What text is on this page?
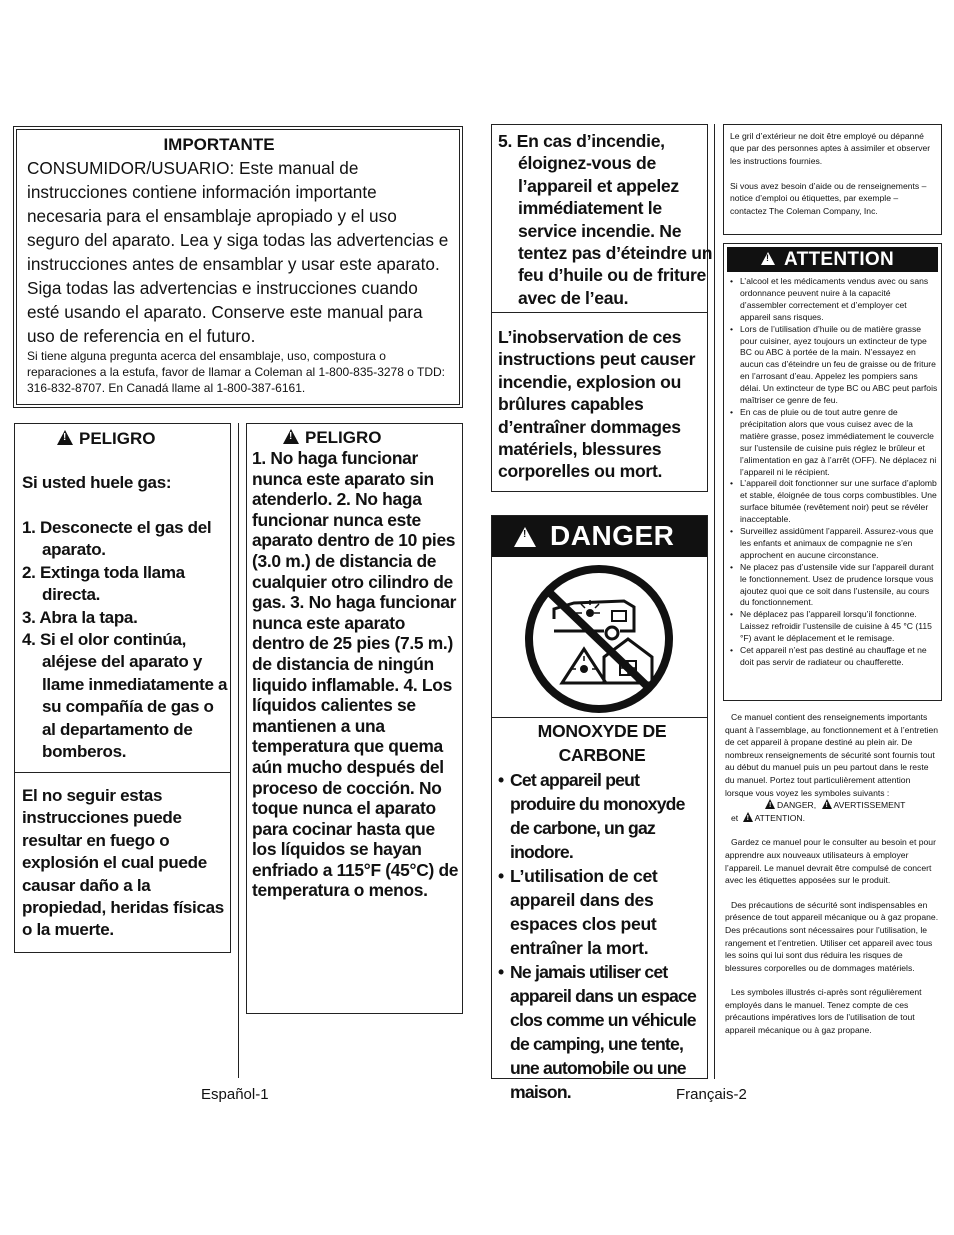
IMPORTANTE
CONSUMIDOR/USUARIO: Este manual de instrucciones contiene información importante necesaria para el ensamblaje apropiado y el uso seguro del aparato. Lea y siga todas las advertencias e instrucciones antes de ensamblar y usar este aparato. Siga todas las advertencias e instrucciones cuando esté usando el aparato. Conserve este manual para uso de referencia en el futuro.
Si tiene alguna pregunta acerca del ensamblaje, uso, compostura o reparaciones a la estufa, favor de llamar a Coleman al 1-800-835-3278 o TDD: 316-832-8707. En Canadá llame al 1-800-387-6161.
!PELIGRO
Si usted huele gas:
1. Desconecte el gas del aparato.
2. Extinga toda llama directa.
3. Abra la tapa.
4. Si el olor continúa, aléjese del aparato y llame inmediatamente a su compañía de gas o al departamento de bomberos.
El no seguir estas instrucciones puede resultar en fuego o explosión el cual puede causar daño a la propiedad, heridas físicas o la muerte.
!PELIGRO
1. No haga funcionar nunca este aparato sin atenderlo. 2. No haga funcionar nunca este aparato dentro de 10 pies (3.0 m.) de distancia de cualquier otro cilindro de gas. 3. No haga funcionar nunca este aparato dentro de 25 pies (7.5 m.) de distancia de ningún liquido inflamable. 4. Los líquidos calientes se mantienen a una temperatura que quema aún mucho después del proceso de cocción. No toque nunca el aparato para cocinar hasta que los líquidos se hayan enfriado a 115°F (45°C) de temperatura o menos.
5. En cas d’incendie, éloignez-vous de l’appareil et appelez immédiatement le service incendie. Ne tentez pas d’éteindre un feu d’huile ou de friture avec de l’eau.
L’inobservation de ces instructions peut causer incendie, explosion ou brûlures capables d’entraîner dommages matériels, blessures corporelles ou mort.
!
DANGER
MONOXYDE DE CARBONE
• Cet appareil peut produire du monoxyde de carbone, un gaz inodore.
• L’utilisation de cet appareil dans des espaces clos peut entraîner la mort.
• Ne jamais utiliser cet appareil dans un espace clos comme un véhicule de camping, une tente, une automobile ou une maison.
Le gril d’extérieur ne doit être employé ou dépanné que par des personnes aptes à assimiler et observer les instructions fournies.
Si vous avez besoin d’aide ou de renseignements – notice d’emploi ou étiquettes, par exemple – contactez The Coleman Company, Inc.
!
ATTENTION
• L’alcool et les médicaments vendus avec ou sans ordonnance peuvent nuire à la capacité d’assembler correctement et d’employer cet appareil sans risques.
• Lors de l’utilisation d’huile ou de matière grasse pour cuisiner, ayez toujours un extincteur de type BC ou ABC à portée de la main. N’essayez en aucun cas d’éteindre un feu de graisse ou de friture en l’arrosant d’eau. Appelez les pompiers sans délai. Un extincteur de type BC ou ABC peut parfois maîtriser ce genre de feu.
• En cas de pluie ou de tout autre genre de précipitation alors que vous cuisez avec de la matière grasse, posez immédiatement le couvercle sur l’ustensile de cuisine puis réglez le brûleur et l’alimentation en gaz à l’arrêt (OFF). Ne déplacez ni l’appareil ni le récipient.
• L’appareil doit fonctionner sur une surface d’aplomb et stable, éloignée de tous corps combustibles. Une surface bitumée (revêtement noir) peut se révéler inacceptable.
• Surveillez assidûment l’appareil. Assurez-vous que les enfants et animaux de compagnie ne s’en approchent en aucune circonstance.
• Ne placez pas d’ustensile vide sur l’appareil durant le fonctionnement. Usez de prudence lorsque vous ajoutez quoi que ce soit dans l’ustensile, au cours du fonctionnement.
• Ne déplacez pas l’appareil lorsqu’il fonctionne. Laissez refroidir l’ustensile de cuisine à 45 °C (115 °F) avant le déplacement et le remisage.
• Cet appareil n’est pas destiné au chauffage et ne doit pas servir de radiateur ou chaufferette.
Ce manuel contient des renseignements importants quant à l’assemblage, au fonctionnement et à l’entretien de cet appareil à propane destiné au plein air. De nombreux renseignements de sécurité sont fournis tout au début du manuel puis un peu partout dans le reste du manuel. Portez tout particulièrement attention lorsque vous voyez les symboles suivants :
!DANGER, ! AVERTISSEMENT
et ! ATTENTION.
Gardez ce manuel pour le consulter au besoin et pour apprendre aux nouveaux utilisateurs à employer l’appareil. Le manuel devrait être compulsé de concert avec les étiquettes apposées sur le produit.
Des précautions de sécurité sont indispensables en présence de tout appareil mécanique ou à gaz propane. Des précautions sont nécessaires pour l’utilisation, le rangement et l’entretien. Utiliser cet appareil avec tous les soins qui lui sont dus réduira les risques de blessures corporelles ou de dommages matériels.
Les symboles illustrés ci-après sont régulièrement employés dans le manuel. Tenez compte de ces précautions impératives lors de l’utilisation de tout appareil mécanique ou à gaz propane.
Español-1	Français-2
